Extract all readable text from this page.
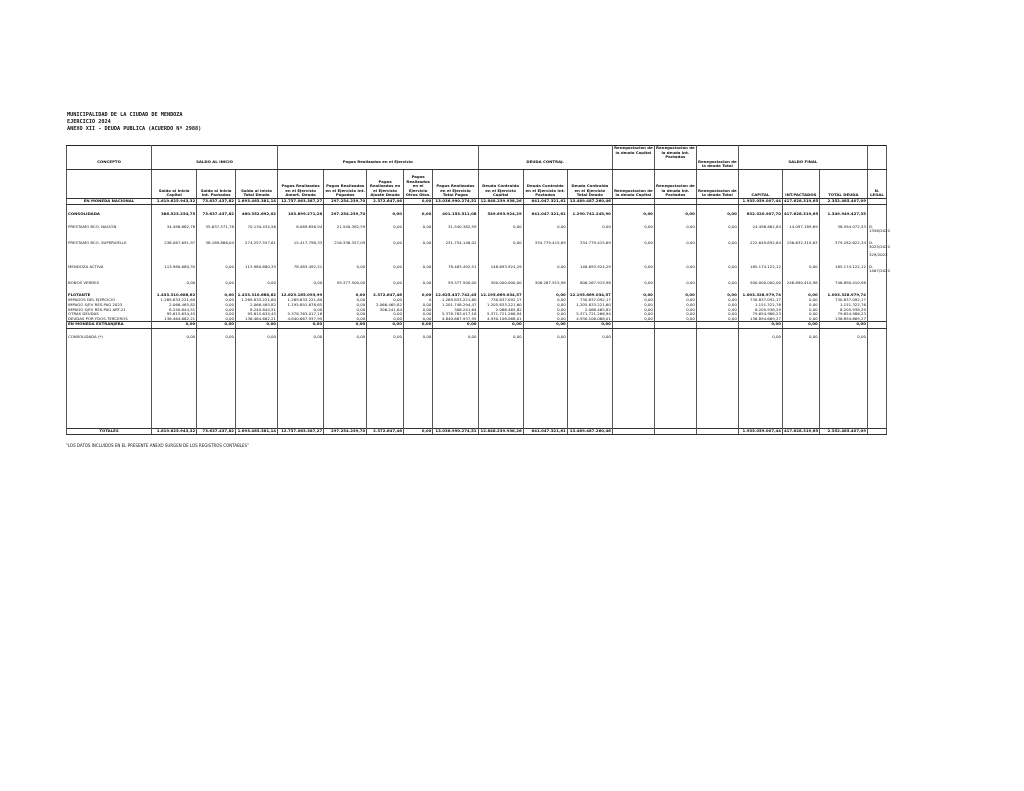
MUNICIPALIDAD DE LA CIUDAD DE MENDOZA
EJERCICIO 2024
ANEXO XII - DEUDA PUBLICA (ACUERDO Nº 2988)
												Renegociacion de la deuda Capital	Renegociacion de la deuda Int. Pactados					
CONCEPTO	SALDO AL INICIO			Pagos Realizados en el Ejercicio					DEUDA CONTRAJ.					Renegociacion de la deuda Total	SALDO FINAL			
	Saldo al Inicio Capital	Saldo al Inicio Int. Pactados	Saldo al Inicio Total Deuda	Pagos Realizados en el Ejercicio Amort. Deuda	Pagos Realizados en el Ejercicio Int. Pagados	Pagos Realizados en el Ejercicio Ajuste Deuda	Pagos Realizados en el Ejercicio Otros Gtos.	Pagos Realizados en el Ejercicio Total Pagos	Deuda Contraida en el Ejercicio Capital	Deuda Contraida en el Ejercicio Int. Pactados	Deuda Contraida en el Ejercicio Total Deuda	Renegociacion de la deuda Capital	Renegociacion de la deuda Int. Pactados	Renegociacion de la deuda Total	CAPITAL	INT.PACTADOS	TOTAL DEUDA	N. LEGAL
EN MONEDA NACIONAL	1.619.625.943,32	73.637.437,82	1.693.463.381,14	12.737.063.387,27	297.254.239,70	2.372.647,46	0,00	13.036.990.274,51	12.848.239.938,26	641.047.321,61	13.489.487.260,46				1.935.059.007,44	417.628.319,65	2.352.485.407,09	
CONSOLIDADA	386.523.254,75	73.637.437,82	460.352.692,02	103.899.271,28	297.254.239,70	0,00	0,00	401.153.511,08	549.693.924,29	641.047.321,61	1.290.741.245,90	0,00	0,00	0,00	832.320.907,70	417.628.319,65	1.349.949.427,35	
PRESTAMO BCO. NACIÓN	34.496.862,78	35.637.571,78	70.134.434,56	8.069.656,94	21.540.382,59	0,00	0,00	31.540.382,59	0,00	0,00	0,00	0,00	0,00	0,00	24.496.862,84	14.097.189,69	38.594.072,53	D. 1356/2022
PRESTAMO BCO. SUPERVIELLE	236.067.691,97	38.189.866,04	274.257.557,61	15.417.798,33	216.336.357,09	0,00	0,00	231.754.146,02	0,00	334.779.415,69	334.779.415,69	0,00	0,00	0,00	222.649.892,64	156.632.319,63	379.282.622,34	D. 3025/2022 - 329/2022
MENDOZA ACTIVA	113.980.680,35	0,00	113.980.680,35	78.483.492,51	0,00	0,00	0,00	78.483.492,51	148.693.924,29	0,00	148.693.924,29	0,00	0,00	0,00	185.174.122,12	0,00	185.174.122,12	D. 1467/2022
BONOS VERDES	0,00	0,00	0,00	0,00	59.377.500,00	0,00	0,00	59.377.500,00	500.000.000,00	306.267.915,98	806.267.915,98	0,00	0,00	0,00	500.000.000,00	246.890.410,98	746.890.410,98	
FLOTANTE	1.433.310.688,62	0,00	1.433.310.688,62	12.623.165.093,99	0,00	2.372.647,46	0,00	12.625.437.742,45	12.195.669.034,57	0,00	12.195.669.034,57	0,00	0,00	0,00	1.003.328.979,74	0,00	1.003.328.979,74	
IMPAGOS DEL EJERCICIO	1.269.833.221,60	0,00	1.269.833.221,60	1.269.833.221,60	0,00	0,00	0	1.269.833.221,60	730.837.092,17	0,00	730.837.092,17	0,00	0,00	0,00	730.837.092,17	0,00	730.837.092,17	
IMPAGO S/EV RES.PAG 2023	2.066.465,82	0,00	2.066.465,82	1.195.891.678,65	0,00	2.066.465,82	0,00	1.201.748.294,47	1.205.833.221,60	0,00	1.205.833.221,60	0,00	0,00	0,00	1.151.322,76	0,00	1.151.322,76	
IMPAGO S/EV RES.PAG ART.21	8.240.844,51	0,00	8.240.844,51	0,00	0,00	306.241,64	0,00	306.241,64	2.066.465,82	0,00	2.066.465,82	0,00	0,00	0,00	8.205.938,29	0,00	8.205.938,29	
OTRAS DEUDAS	95.615.634,45	0,00	95.615.634,45	5.378.763.017,16	0,00	0,00	0,00	5.378.763.017,16	5.371.721.266,94	0,00	5.371.721.266,94	0,00	0,00	0,00	79.654.986,23	0,00	79.654.986,23	
DEUDAS POR FDOS.TERCEROS	136.464.662,21	0,00	136.464.662,21	4.840.667.937,95	0,00	0,00	0,00	4.840.667.937,95	4.930.108.068,01	0,00	4.930.108.068,01	0,00	0,00	0,00	136.894.669,27	0,00	136.894.669,27	
EN MONEDA EXTRANJERA	0,00	0,00	0,00	0,00	0,00	0,00	0,00	0,00	0,00	0,00	0,00				0,00	0,00	0,00	
CONSOLIDADA (*)	0,00	0,00	0,00	0,00	0,00	0,00	0,00	0,00	0,00	0,00	0,00				0,00	0,00	0,00	

TOTALES	1.619.625.943,32	73.637.437,82	1.693.463.381,14	12.737.063.387,27	297.254.239,70	2.372.647,46	0,00	13.036.990.274,51	12.848.239.938,26	641.047.321,61	13.489.487.260,46				1.935.059.007,44	417.628.319,65	2.352.485.407,09	
"LOS DATOS INCLUIDOS EN EL PRESENTE ANEXO SURGEN DE LOS REGISTROS CONTABLES"
